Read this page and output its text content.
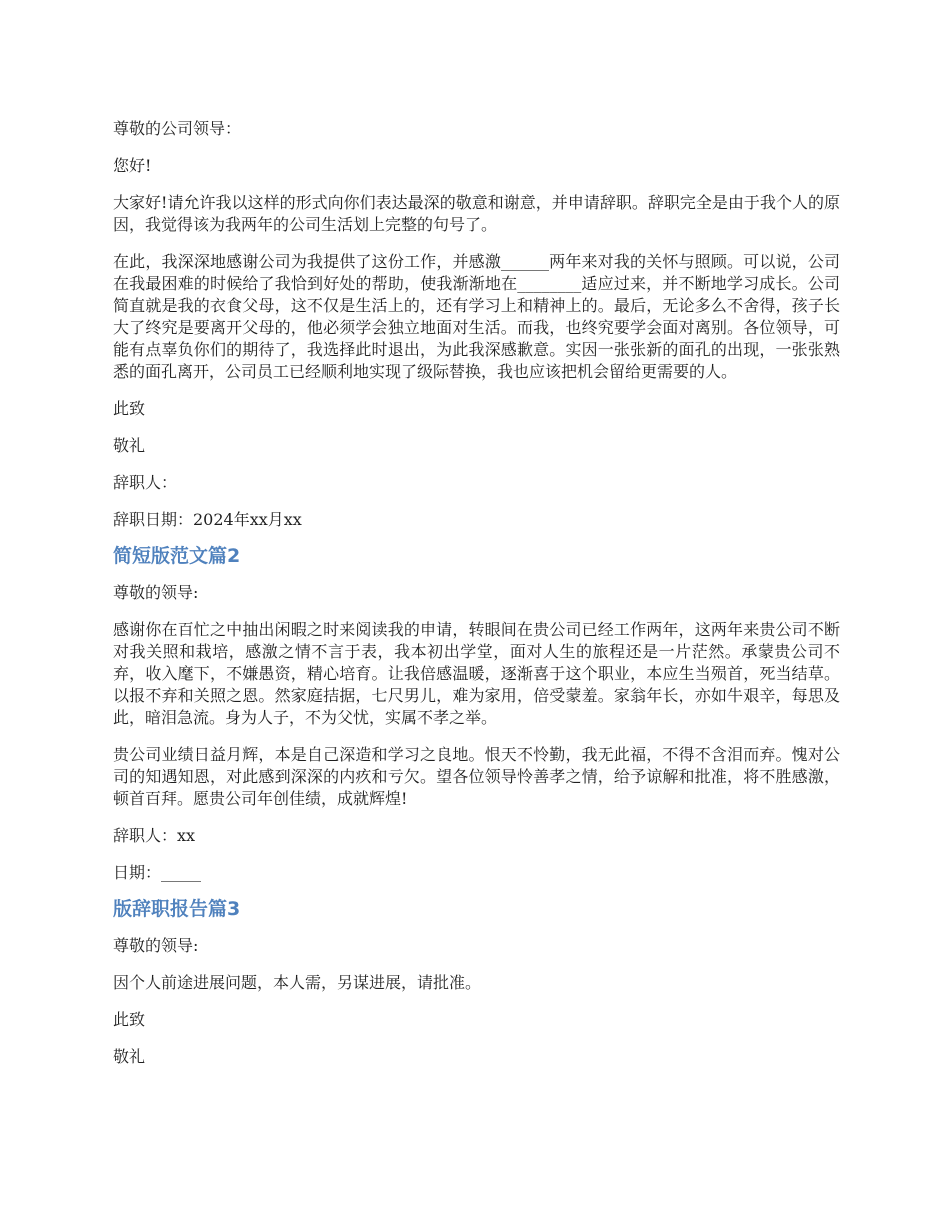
尊敬的公司领导：

您好!

大家好!请允许我以这样的形式向你们表达最深的敬意和谢意，并申请辞职。辞职完全是由于我个人的原因，我觉得该为我两年的公司生活划上完整的句号了。

在此，我深深地感谢公司为我提供了这份工作，并感激______两年来对我的关怀与照顾。可以说，公司在我最困难的时候给了我恰到好处的帮助，使我渐渐地在________适应过来，并不断地学习成长。公司简直就是我的衣食父母，这不仅是生活上的，还有学习上和精神上的。最后，无论多么不舍得，孩子长大了终究是要离开父母的，他必须学会独立地面对生活。而我，也终究要学会面对离别。各位领导，可能有点辜负你们的期待了，我选择此时退出，为此我深感歉意。实因一张张新的面孔的出现，一张张熟悉的面孔离开，公司员工已经顺利地实现了级际替换，我也应该把机会留给更需要的人。

此致

敬礼

辞职人：

辞职日期：2024年xx月xx

简短版范文篇2

尊敬的领导:

感谢你在百忙之中抽出闲暇之时来阅读我的申请，转眼间在贵公司已经工作两年，这两年来贵公司不断对我关照和栽培，感激之情不言于表，我本初出学堂，面对人生的旅程还是一片茫然。承蒙贵公司不弃，收入麾下，不嫌愚资，精心培育。让我倍感温暖，逐渐喜于这个职业，本应生当殒首，死当结草。以报不弃和关照之恩。然家庭拮据，七尺男儿，难为家用，倍受蒙羞。家翁年长，亦如牛艰辛，每思及此，暗泪急流。身为人子，不为父忧，实属不孝之举。

贵公司业绩日益月辉，本是自己深造和学习之良地。恨天不怜勤，我无此福，不得不含泪而弃。愧对公司的知遇知恩，对此感到深深的内疚和亏欠。望各位领导怜善孝之情，给予谅解和批准，将不胜感激，顿首百拜。愿贵公司年创佳绩，成就辉煌!

辞职人：xx

日期：_____

版辞职报告篇3

尊敬的领导:

因个人前途进展问题，本人需，另谋进展，请批准。

此致

敬礼
